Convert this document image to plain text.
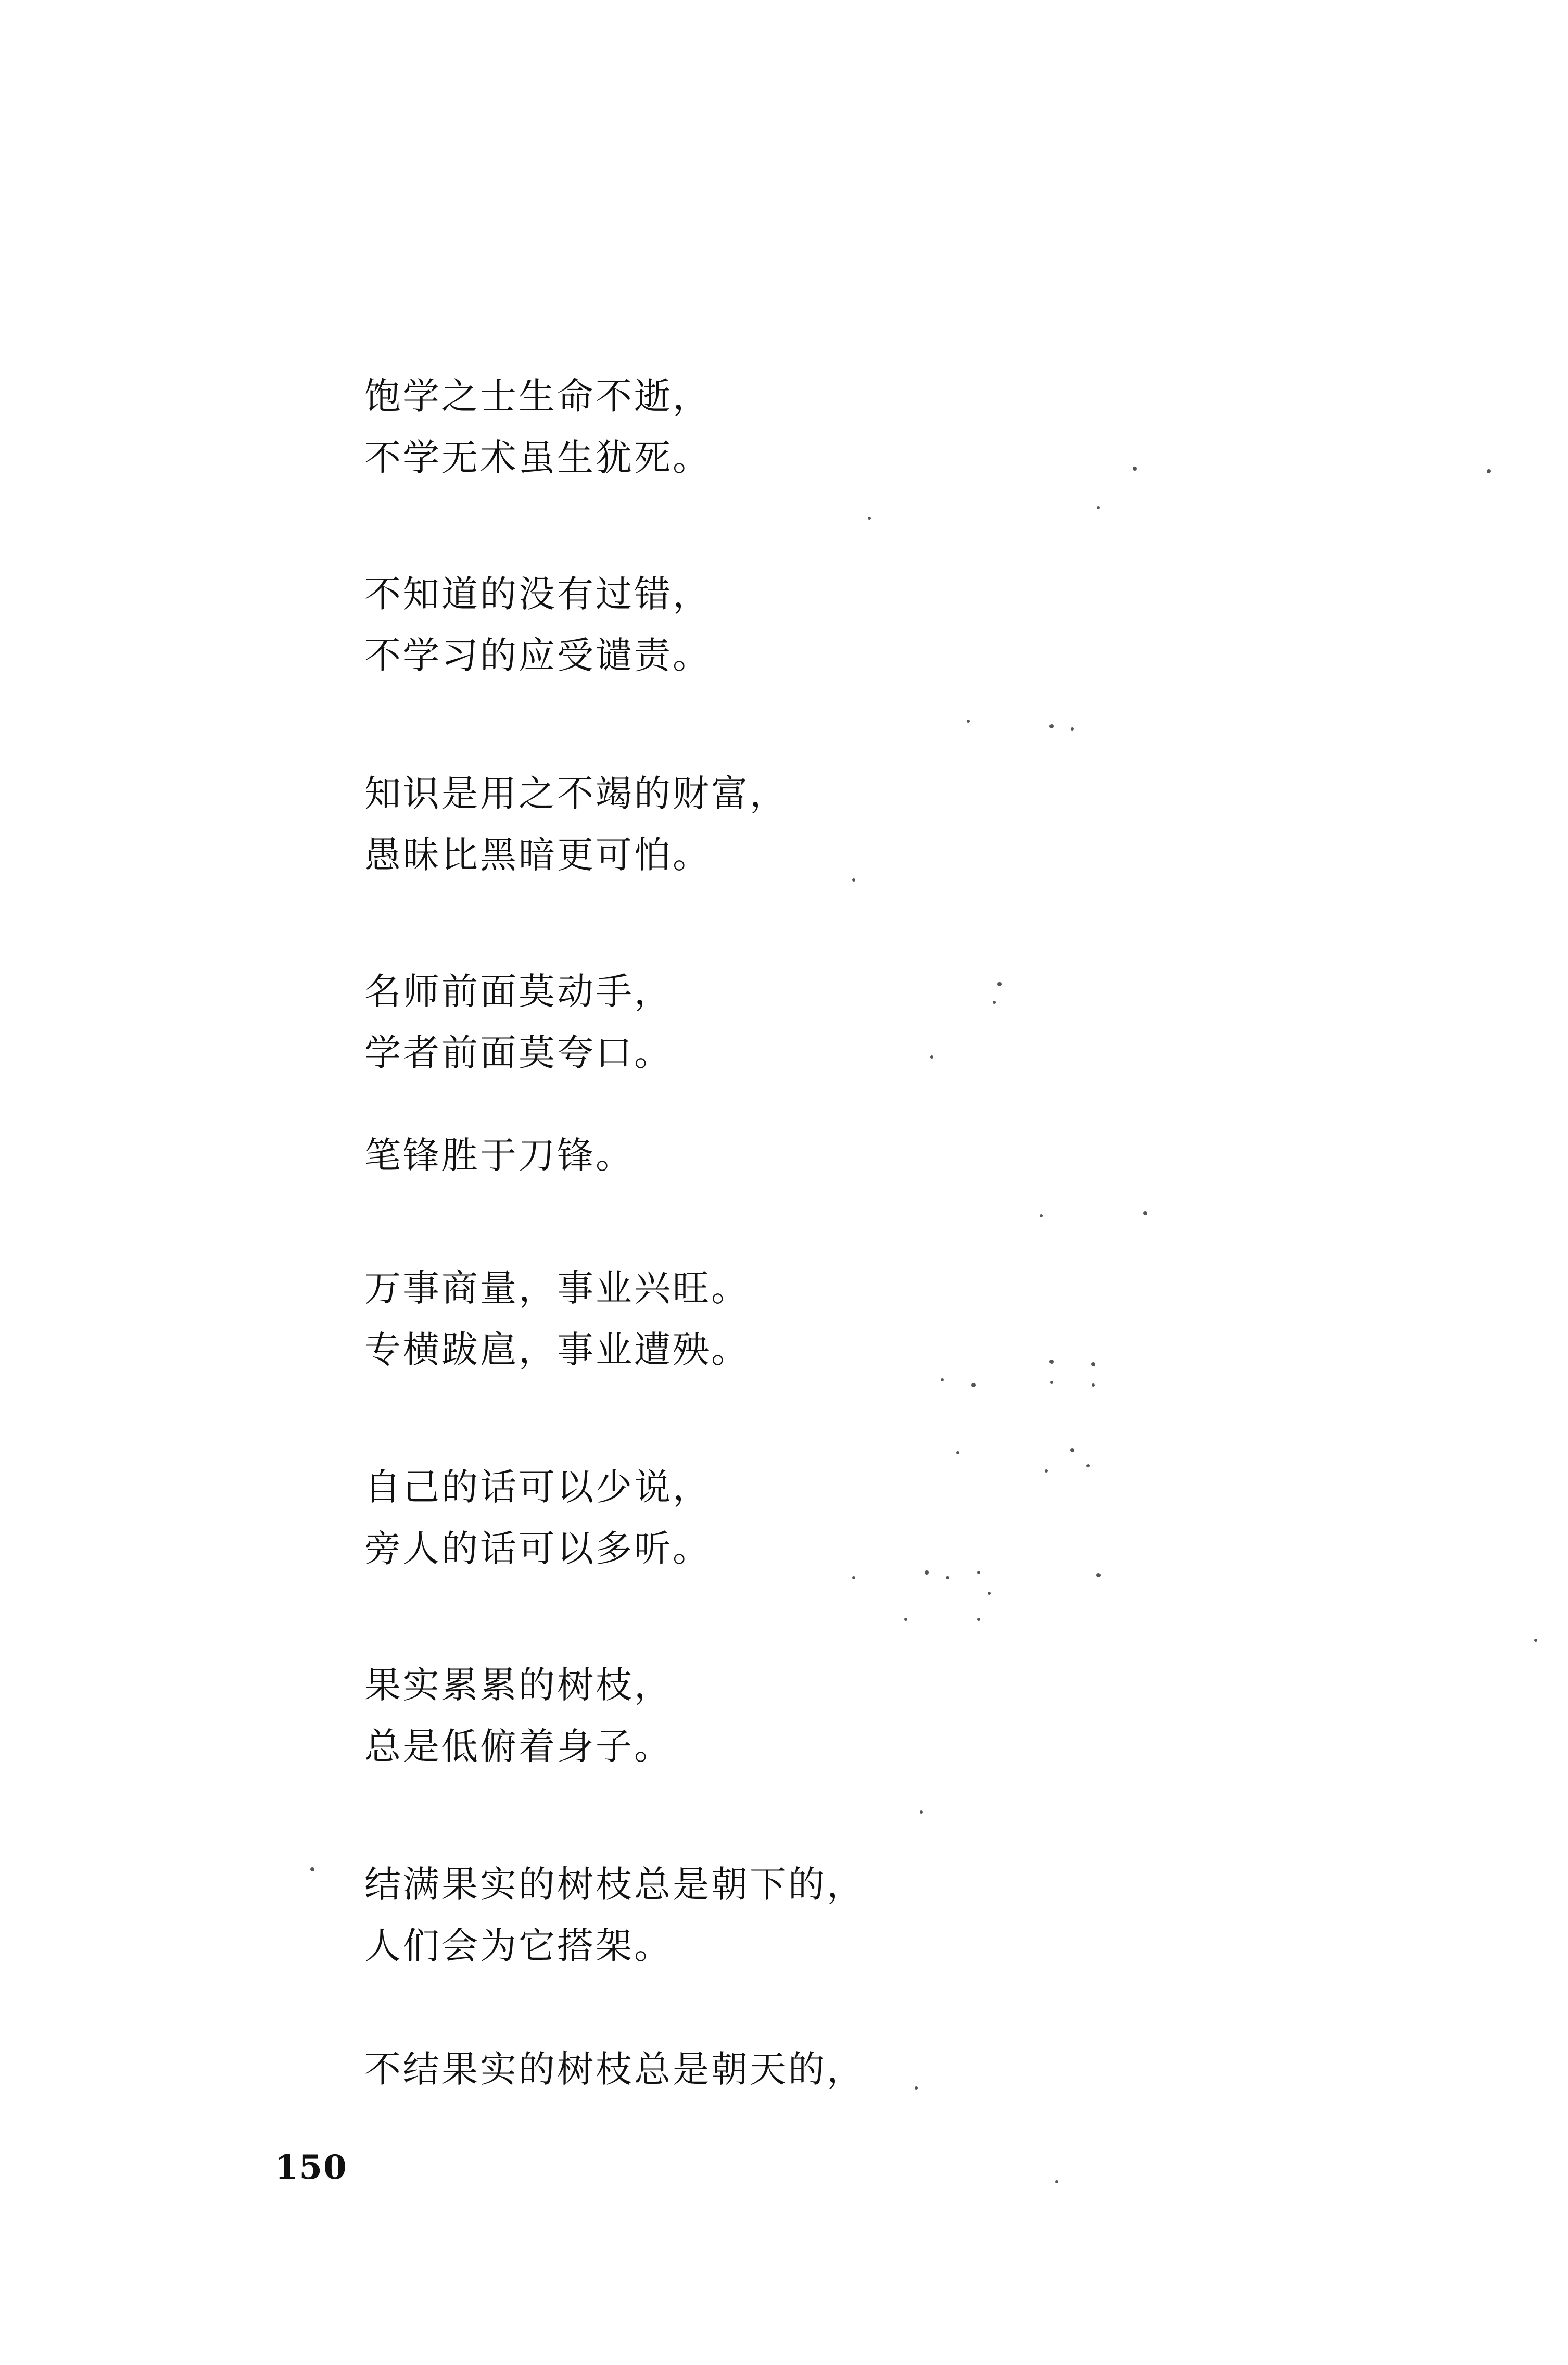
饱学之士生命不逝，
不学无术虽生犹死。
不知道的没有过错，
不学习的应受谴责。
知识是用之不竭的财富，
愚昧比黑暗更可怕。
名师前面莫动手，
学者前面莫夸口。
笔锋胜于刀锋。
万事商量，事业兴旺。
专横跋扈，事业遭殃。
自己的话可以少说，
旁人的话可以多听。
果实累累的树枝，
总是低俯着身子。
结满果实的树枝总是朝下的，
人们会为它搭架。
不结果实的树枝总是朝天的，
150
